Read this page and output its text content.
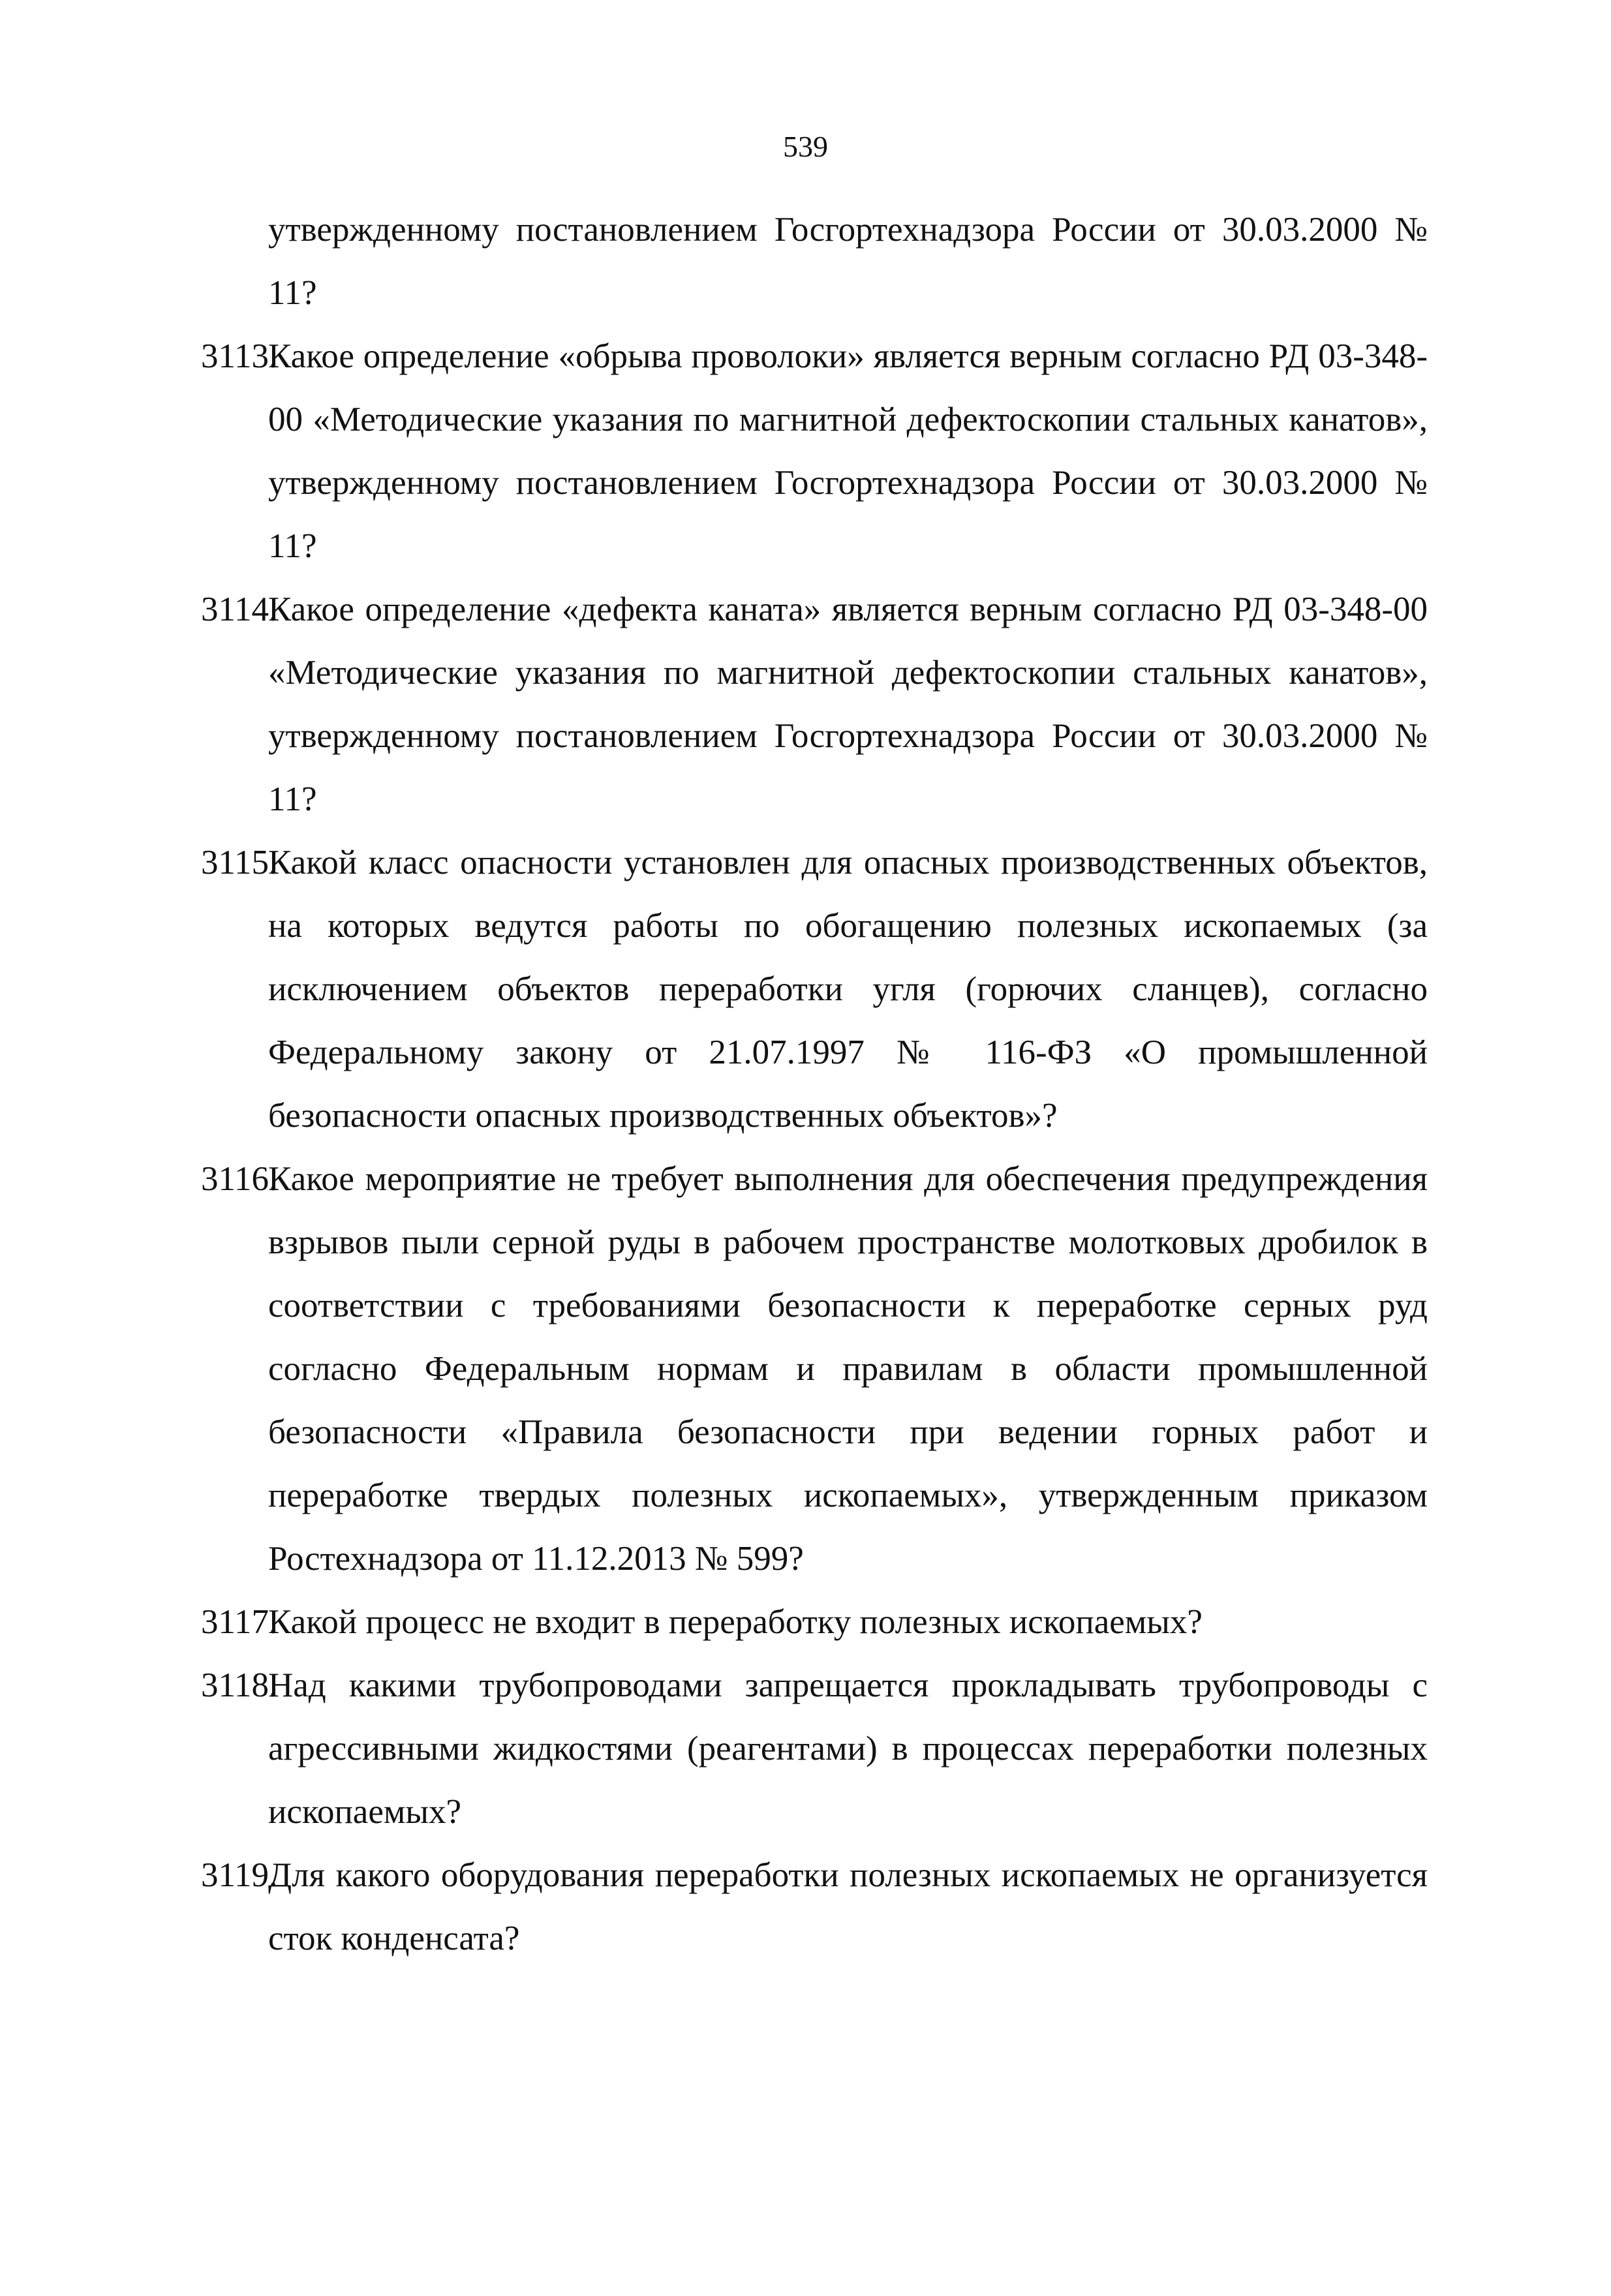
539
утвержденному постановлением Госгортехнадзора России от 30.03.2000 № 11?
3113.
Какое определение «обрыва проволоки» является верным согласно РД 03-348-00 «Методические указания по магнитной дефектоскопии стальных канатов», утвержденному постановлением Госгортехнадзора России от 30.03.2000 № 11?
3114.
Какое определение «дефекта каната» является верным согласно РД 03-348-00 «Методические указания по магнитной дефектоскопии стальных канатов», утвержденному постановлением Госгортехнадзора России от 30.03.2000 № 11?
3115.
Какой класс опасности установлен для опасных производственных объектов, на которых ведутся работы по обогащению полезных ископаемых (за исключением объектов переработки угля (горючих сланцев), согласно Федеральному закону от 21.07.1997 № 116-ФЗ «О промышленной безопасности опасных производственных объектов»?
3116.
Какое мероприятие не требует выполнения для обеспечения предупреждения взрывов пыли серной руды в рабочем пространстве молотковых дробилок в соответствии с требованиями безопасности к переработке серных руд согласно Федеральным нормам и правилам в области промышленной безопасности «Правила безопасности при ведении горных работ и переработке твердых полезных ископаемых», утвержденным приказом Ростехнадзора от 11.12.2013 № 599?
3117.
Какой процесс не входит в переработку полезных ископаемых?
3118.
Над какими трубопроводами запрещается прокладывать трубопроводы с агрессивными жидкостями (реагентами) в процессах переработки полезных ископаемых?
3119.
Для какого оборудования переработки полезных ископаемых не организуется сток конденсата?
